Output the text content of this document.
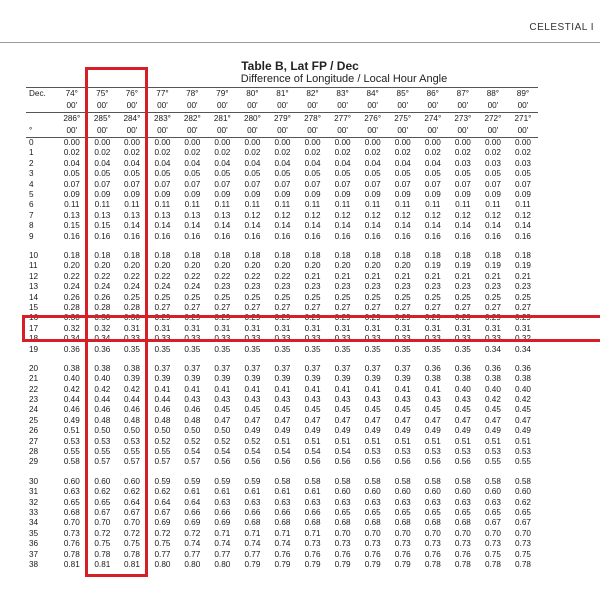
CELESTIAL I
Table B, Lat FP / Dec
Difference of Longitude / Local Hour Angle
Dec.	74°	75°	76°	77°	78°	79°	80°	81°	82°	83°	84°	85°	86°	87°	88°	89°
	00'	00'	00'	00'	00'	00'	00'	00'	00'	00'	00'	00'	00'	00'	00'	00'
	286°	285°	284°	283°	282°	281°	280°	279°	278°	277°	276°	275°	274°	273°	272°	271°
°	00'	00'	00'	00'	00'	00'	00'	00'	00'	00'	00'	00'	00'	00'	00'	00'
0	0.00	0.00	0.00	0.00	0.00	0.00	0.00	0.00	0.00	0.00	0.00	0.00	0.00	0.00	0.00	0.00
1	0.02	0.02	0.02	0.02	0.02	0.02	0.02	0.02	0.02	0.02	0.02	0.02	0.02	0.02	0.02	0.02
2	0.04	0.04	0.04	0.04	0.04	0.04	0.04	0.04	0.04	0.04	0.04	0.04	0.04	0.03	0.03	0.03
3	0.05	0.05	0.05	0.05	0.05	0.05	0.05	0.05	0.05	0.05	0.05	0.05	0.05	0.05	0.05	0.05
4	0.07	0.07	0.07	0.07	0.07	0.07	0.07	0.07	0.07	0.07	0.07	0.07	0.07	0.07	0.07	0.07
5	0.09	0.09	0.09	0.09	0.09	0.09	0.09	0.09	0.09	0.09	0.09	0.09	0.09	0.09	0.09	0.09
6	0.11	0.11	0.11	0.11	0.11	0.11	0.11	0.11	0.11	0.11	0.11	0.11	0.11	0.11	0.11	0.11
7	0.13	0.13	0.13	0.13	0.13	0.13	0.12	0.12	0.12	0.12	0.12	0.12	0.12	0.12	0.12	0.12
8	0.15	0.15	0.14	0.14	0.14	0.14	0.14	0.14	0.14	0.14	0.14	0.14	0.14	0.14	0.14	0.14
9	0.16	0.16	0.16	0.16	0.16	0.16	0.16	0.16	0.16	0.16	0.16	0.16	0.16	0.16	0.16	0.16

10	0.18	0.18	0.18	0.18	0.18	0.18	0.18	0.18	0.18	0.18	0.18	0.18	0.18	0.18	0.18	0.18
11	0.20	0.20	0.20	0.20	0.20	0.20	0.20	0.20	0.20	0.20	0.20	0.20	0.19	0.19	0.19	0.19
12	0.22	0.22	0.22	0.22	0.22	0.22	0.22	0.22	0.21	0.21	0.21	0.21	0.21	0.21	0.21	0.21
13	0.24	0.24	0.24	0.24	0.24	0.23	0.23	0.23	0.23	0.23	0.23	0.23	0.23	0.23	0.23	0.23
14	0.26	0.26	0.25	0.25	0.25	0.25	0.25	0.25	0.25	0.25	0.25	0.25	0.25	0.25	0.25	0.25
15	0.28	0.28	0.28	0.27	0.27	0.27	0.27	0.27	0.27	0.27	0.27	0.27	0.27	0.27	0.27	0.27
16	0.30	0.30	0.30	0.29	0.29	0.29	0.29	0.29	0.29	0.29	0.29	0.29	0.29	0.29	0.29	0.29
17	0.32	0.32	0.31	0.31	0.31	0.31	0.31	0.31	0.31	0.31	0.31	0.31	0.31	0.31	0.31	0.31
18	0.34	0.34	0.33	0.33	0.33	0.33	0.33	0.33	0.33	0.33	0.33	0.33	0.33	0.33	0.33	0.32
19	0.36	0.36	0.35	0.35	0.35	0.35	0.35	0.35	0.35	0.35	0.35	0.35	0.35	0.35	0.34	0.34

20	0.38	0.38	0.38	0.37	0.37	0.37	0.37	0.37	0.37	0.37	0.37	0.37	0.36	0.36	0.36	0.36
21	0.40	0.40	0.39	0.39	0.39	0.39	0.39	0.39	0.39	0.39	0.39	0.39	0.38	0.38	0.38	0.38
22	0.42	0.42	0.42	0.41	0.41	0.41	0.41	0.41	0.41	0.41	0.41	0.41	0.41	0.40	0.40	0.40
23	0.44	0.44	0.44	0.44	0.43	0.43	0.43	0.43	0.43	0.43	0.43	0.43	0.43	0.43	0.42	0.42
24	0.46	0.46	0.46	0.46	0.46	0.45	0.45	0.45	0.45	0.45	0.45	0.45	0.45	0.45	0.45	0.45
25	0.49	0.48	0.48	0.48	0.48	0.47	0.47	0.47	0.47	0.47	0.47	0.47	0.47	0.47	0.47	0.47
26	0.51	0.50	0.50	0.50	0.50	0.50	0.49	0.49	0.49	0.49	0.49	0.49	0.49	0.49	0.49	0.49
27	0.53	0.53	0.53	0.52	0.52	0.52	0.52	0.51	0.51	0.51	0.51	0.51	0.51	0.51	0.51	0.51
28	0.55	0.55	0.55	0.55	0.54	0.54	0.54	0.54	0.54	0.54	0.53	0.53	0.53	0.53	0.53	0.53
29	0.58	0.57	0.57	0.57	0.57	0.56	0.56	0.56	0.56	0.56	0.56	0.56	0.56	0.56	0.55	0.55

30	0.60	0.60	0.60	0.59	0.59	0.59	0.59	0.58	0.58	0.58	0.58	0.58	0.58	0.58	0.58	0.58
31	0.63	0.62	0.62	0.62	0.61	0.61	0.61	0.61	0.61	0.60	0.60	0.60	0.60	0.60	0.60	0.60
32	0.65	0.65	0.64	0.64	0.64	0.63	0.63	0.63	0.63	0.63	0.63	0.63	0.63	0.63	0.63	0.62
33	0.68	0.67	0.67	0.67	0.66	0.66	0.66	0.66	0.66	0.65	0.65	0.65	0.65	0.65	0.65	0.65
34	0.70	0.70	0.70	0.69	0.69	0.69	0.68	0.68	0.68	0.68	0.68	0.68	0.68	0.68	0.67	0.67
35	0.73	0.72	0.72	0.72	0.72	0.71	0.71	0.71	0.71	0.70	0.70	0.70	0.70	0.70	0.70	0.70
36	0.76	0.75	0.75	0.75	0.74	0.74	0.74	0.74	0.73	0.73	0.73	0.73	0.73	0.73	0.73	0.73
37	0.78	0.78	0.78	0.77	0.77	0.77	0.77	0.76	0.76	0.76	0.76	0.76	0.76	0.76	0.75	0.75
38	0.81	0.81	0.81	0.80	0.80	0.80	0.79	0.79	0.79	0.79	0.79	0.79	0.78	0.78	0.78	0.78
